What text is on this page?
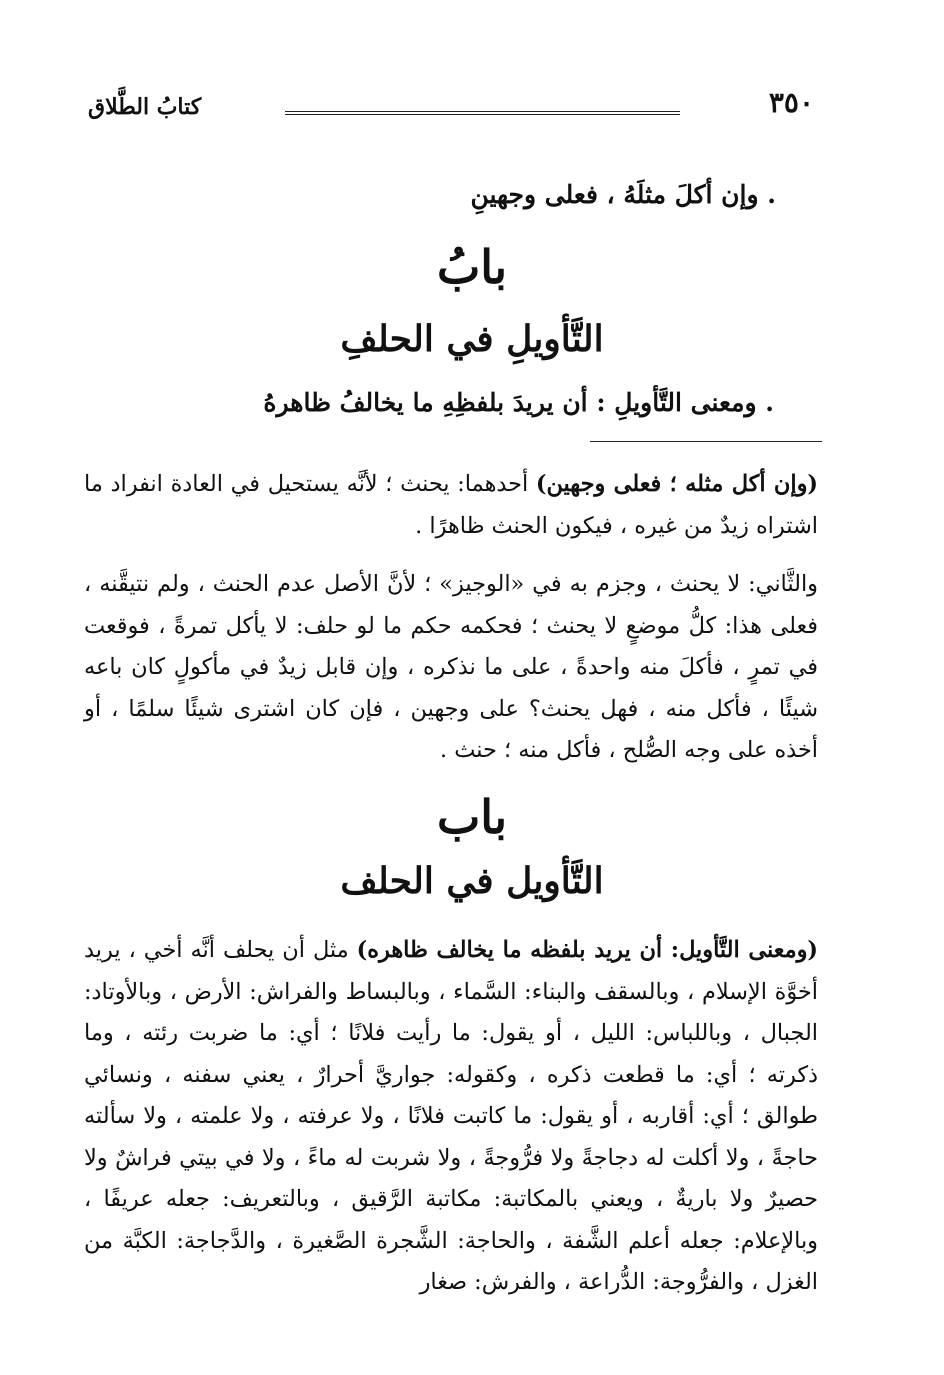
كتابُ الطَّلاق	٣٥٠
وإن أكلَ مثلَهُ ، فعلى وجهينِ .
بابُ
التَّأويلِ في الحلفِ
ومعنى التَّأويلِ : أن يريدَ بلفظِهِ ما يخالفُ ظاهرهُ .
(وإن أكل مثله ؛ فعلى وجهين) أحدهما: يحنث ؛ لأنَّه يستحيل في العادة انفراد ما اشتراه زيدٌ من غيره ، فيكون الحنث ظاهرًا .
والثَّاني: لا يحنث ، وجزم به في «الوجيز» ؛ لأنَّ الأصل عدم الحنث ، ولم نتيقَّنه ، فعلى هذا: كلُّ موضعٍ لا يحنث ؛ فحكمه حكم ما لو حلف: لا يأكل تمرةً ، فوقعت في تمرٍ ، فأكلَ منه واحدةً ، على ما نذكره ، وإن قابل زيدٌ في مأكولٍ كان باعه شيئًا ، فأكل منه ، فهل يحنث؟ على وجهين ، فإن كان اشترى شيئًا سلمًا ، أو أخذه على وجه الصُّلح ، فأكل منه ؛ حنث .
باب
التَّأويل في الحلف
(ومعنى التَّأويل: أن يريد بلفظه ما يخالف ظاهره) مثل أن يحلف أنَّه أخي ، يريد أخوَّة الإسلام ، وبالسقف والبناء: السَّماء ، وبالبساط والفراش: الأرض ، وبالأوتاد: الجبال ، وباللباس: الليل ، أو يقول: ما رأيت فلانًا ؛ أي: ما ضربت رئته ، وما ذكرته ؛ أي: ما قطعت ذكره ، وكقوله: جواريَّ أحرارٌ ، يعني سفنه ، ونسائي طوالق ؛ أي: أقاربه ، أو يقول: ما كاتبت فلانًا ، ولا عرفته ، ولا علمته ، ولا سألته حاجةً ، ولا أكلت له دجاجةً ولا فرُّوجةً ، ولا شربت له ماءً ، ولا في بيتي فراشٌ ولا حصيرٌ ولا باريةٌ ، ويعني بالمكاتبة: مكاتبة الرَّقيق ، وبالتعريف: جعله عريفًا ، وبالإعلام: جعله أعلم الشَّفة ، والحاجة: الشَّجرة الصَّغيرة ، والدَّجاجة: الكبَّة من الغزل ، والفرُّوجة: الدُّراعة ، والفرش: صغار
